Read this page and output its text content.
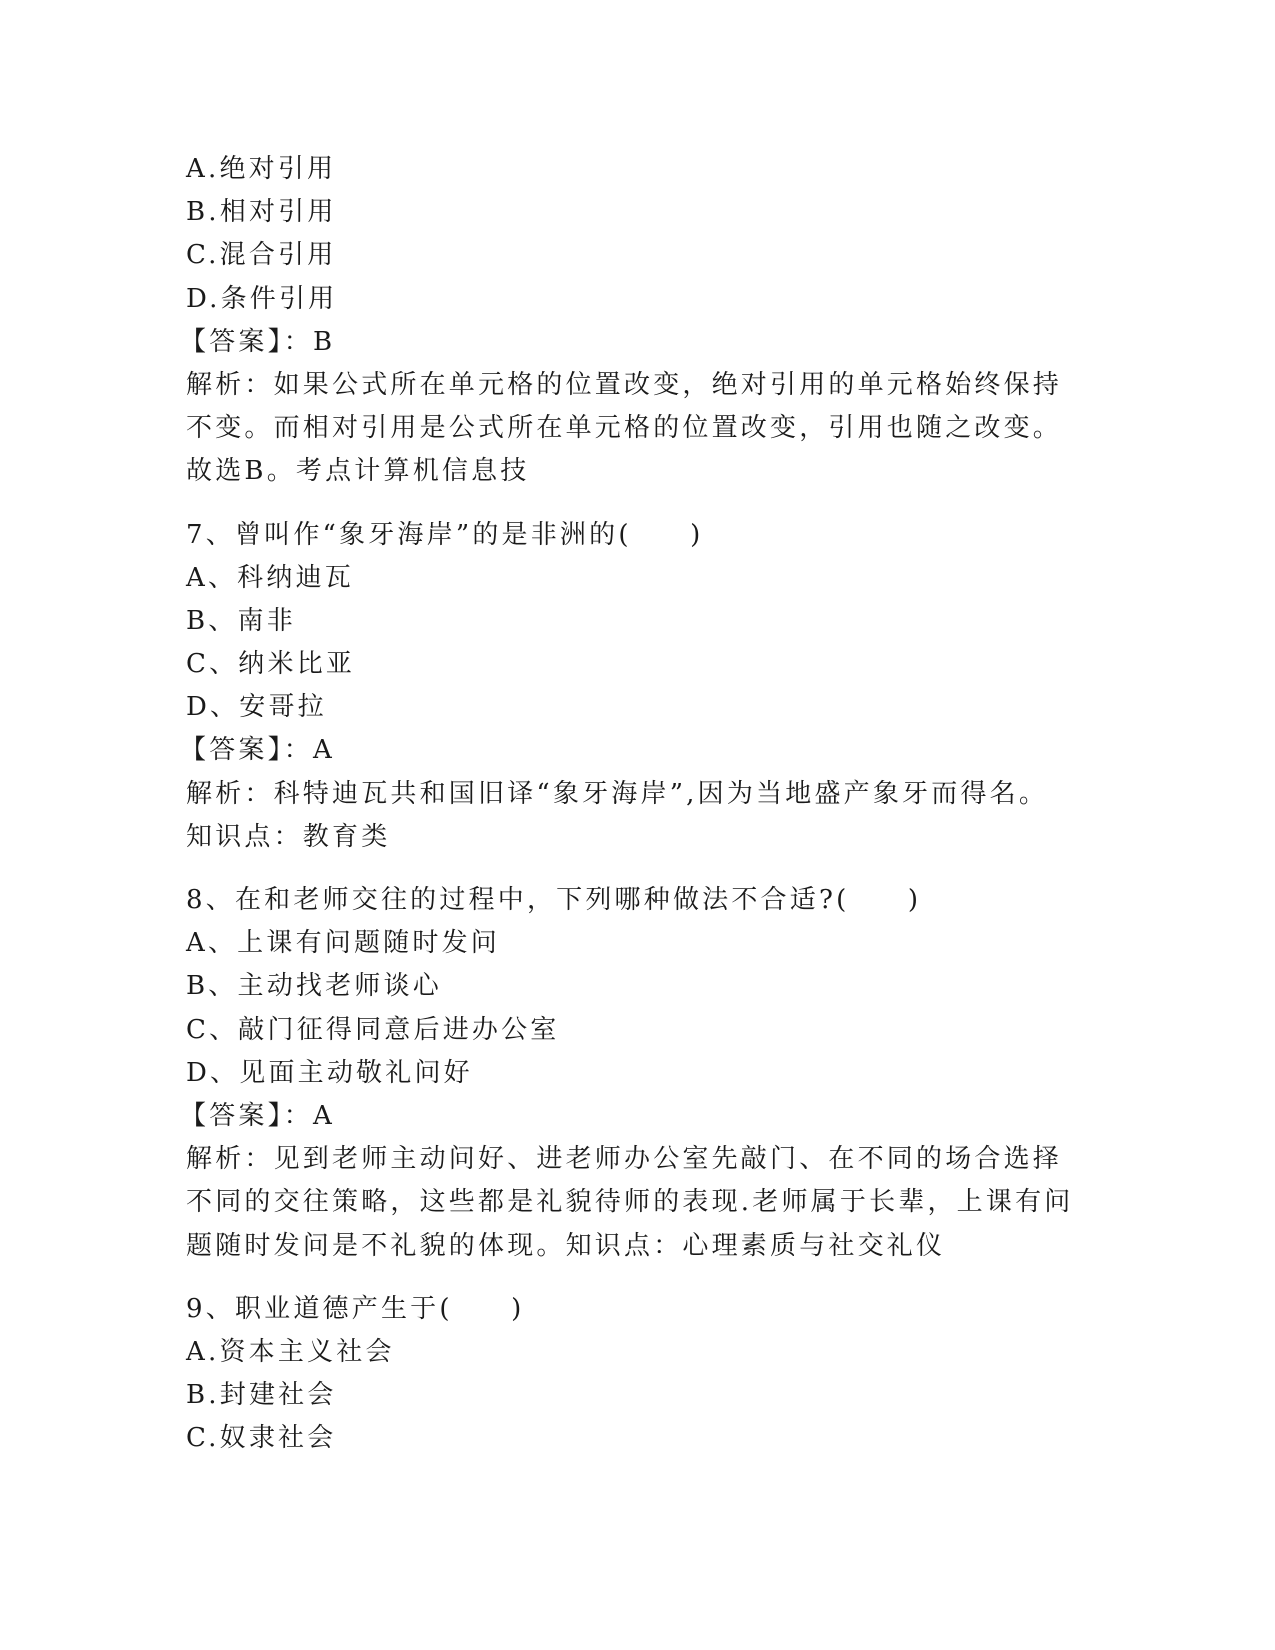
A.绝对引用
B.相对引用
C.混合引用
D.条件引用
【答案】：B
解析：如果公式所在单元格的位置改变，绝对引用的单元格始终保持
不变。而相对引用是公式所在单元格的位置改变，引用也随之改变。
故选B。考点计算机信息技
7、曾叫作“象牙海岸”的是非洲的(　　)
A、科纳迪瓦
B、南非
C、纳米比亚
D、安哥拉
【答案】：A
解析：科特迪瓦共和国旧译“象牙海岸”,因为当地盛产象牙而得名。
知识点：教育类
8、在和老师交往的过程中，下列哪种做法不合适?(　　)
A、上课有问题随时发问
B、主动找老师谈心
C、敲门征得同意后进办公室
D、见面主动敬礼问好
【答案】：A
解析：见到老师主动问好、进老师办公室先敲门、在不同的场合选择
不同的交往策略，这些都是礼貌待师的表现.老师属于长辈，上课有问
题随时发问是不礼貌的体现。知识点：心理素质与社交礼仪
9、职业道德产生于(　　)
A.资本主义社会
B.封建社会
C.奴隶社会
